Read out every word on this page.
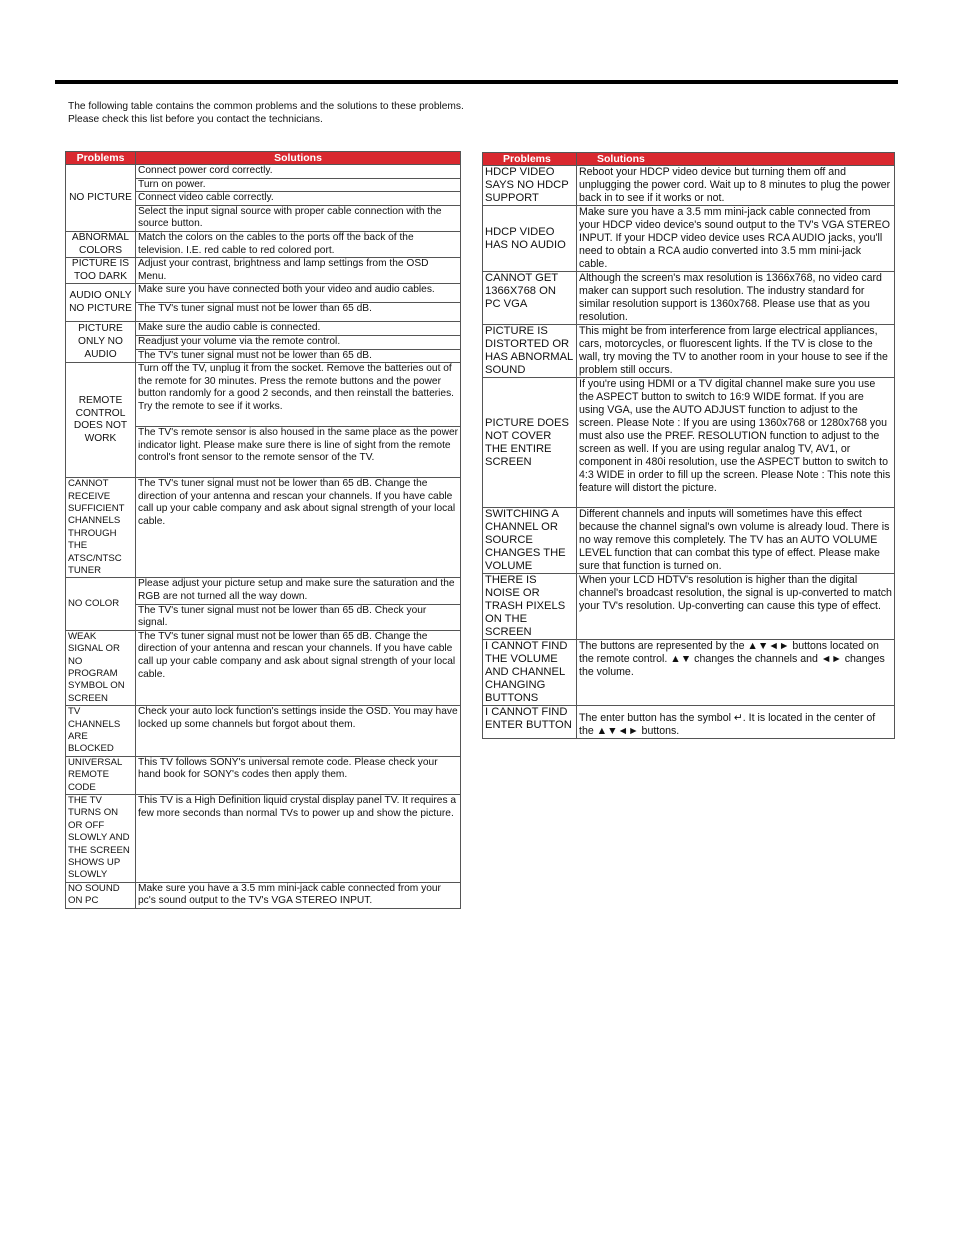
The following table contains the common problems and the solutions to these problems. Please check this list before you contact the technicians.
Problems	Solutions
NO PICTURE	Connect power cord correctly.
	Turn on power.
	Connect video cable correctly.
	Select the input signal source with proper cable connection with the source button.
ABNORMAL COLORS	Match the colors on the cables to the ports off the back of the television. I.E. red cable to red colored port.
PICTURE IS TOO DARK	Adjust your contrast, brightness and lamp settings from the OSD Menu.
AUDIO ONLY NO PICTURE	Make sure you have connected both your video and audio cables.
	The TV's tuner signal must not be lower than 65 dB.
PICTURE ONLY NO AUDIO	Make sure the audio cable is connected.
	Readjust your volume via the remote control.
	The TV's tuner signal must not be lower than 65 dB.
REMOTE CONTROL DOES NOT WORK	Turn off the TV, unplug it from the socket. Remove the batteries out of the remote for 30 minutes. Press the remote buttons and the power button randomly for a good 2 seconds, and then reinstall the batteries. Try the remote to see if it works.
	The TV's remote sensor is also housed in the same place as the power indicator light. Please make sure there is line of sight from the remote control's front sensor to the remote sensor of the TV.
CANNOT RECEIVE SUFFICIENT CHANNELS THROUGH THE ATSC/NTSC TUNER	The TV's tuner signal must not be lower than 65 dB. Change the direction of your antenna and rescan your channels. If you have cable call up your cable company and ask about signal strength of your local cable.
NO COLOR	Please adjust your picture setup and make sure the saturation and the RGB are not turned all the way down.
	The TV's tuner signal must not be lower than 65 dB. Check your signal.
WEAK SIGNAL OR NO PROGRAM SYMBOL ON SCREEN	The TV's tuner signal must not be lower than 65 dB. Change the direction of your antenna and rescan your channels. If you have cable call up your cable company and ask about signal strength of your local cable.
TV CHANNELS ARE BLOCKED	Check your auto lock function's settings inside the OSD. You may have locked up some channels but forgot about them.
UNIVERSAL REMOTE CODE	This TV follows SONY's universal remote code. Please check your hand book for SONY's codes then apply them.
THE TV TURNS ON OR OFF SLOWLY AND THE SCREEN SHOWS UP SLOWLY	This TV is a High Definition liquid crystal display panel TV. It requires a few more seconds than normal TVs to power up and show the picture.
NO SOUND ON PC	Make sure you have a 3.5 mm mini-jack cable connected from your pc's sound output to the TV's VGA STEREO INPUT.
Problems	Solutions
HDCP VIDEO SAYS NO HDCP SUPPORT	Reboot your HDCP video device but turning them off and unplugging the power cord. Wait up to 8 minutes to plug the power back in to see if it works or not.
HDCP VIDEO HAS NO AUDIO	Make sure you have a 3.5 mm mini-jack cable connected from your HDCP video device's sound output to the TV's VGA STEREO INPUT. If your HDCP video device uses RCA AUDIO jacks, you'll need to obtain a RCA audio converted into 3.5 mm mini-jack cable.
CANNOT GET 1366X768 ON PC VGA	Although the screen's max resolution is 1366x768, no video card maker can support such resolution. The industry standard for similar resolution support is 1360x768. Please use that as you resolution.
PICTURE IS DISTORTED OR HAS ABNORMAL SOUND	This might be from interference from large electrical appliances, cars, motorcycles, or fluorescent lights. If the TV is close to the wall, try moving the TV to another room in your house to see if the problem still occurs.
PICTURE DOES NOT COVER THE ENTIRE SCREEN	If you're using HDMI or a TV digital channel make sure you use the ASPECT button to switch to 16:9 WIDE format. If you are using VGA, use the AUTO ADJUST function to adjust to the screen. Please Note : If you are using 1360x768 or 1280x768 you must also use the PREF. RESOLUTION function to adjust to the screen as well. If you are using regular analog TV, AV1, or component in 480i resolution, use the ASPECT button to switch to 4:3 WIDE in order to fill up the screen. Please Note : This note this feature will distort the picture.
SWITCHING A CHANNEL OR SOURCE CHANGES THE VOLUME	Different channels and inputs will sometimes have this effect because the channel signal's own volume is already loud. There is no way remove this completely. The TV has an AUTO VOLUME LEVEL function that can combat this type of effect. Please make sure that function is turned on.
THERE IS NOISE OR TRASH PIXELS ON THE SCREEN	When your LCD HDTV's resolution is higher than the digital channel's broadcast resolution, the signal is up-converted to match your TV's resolution. Up-converting can cause this type of effect.
I CANNOT FIND THE VOLUME AND CHANNEL CHANGING BUTTONS	The buttons are represented by the ▲▼◄► buttons located on the remote control. ▲▼ changes the channels and ◄► changes the volume.
I CANNOT FIND ENTER BUTTON	The enter button has the symbol ↵. It is located in the center of the ▲▼◄► buttons.
